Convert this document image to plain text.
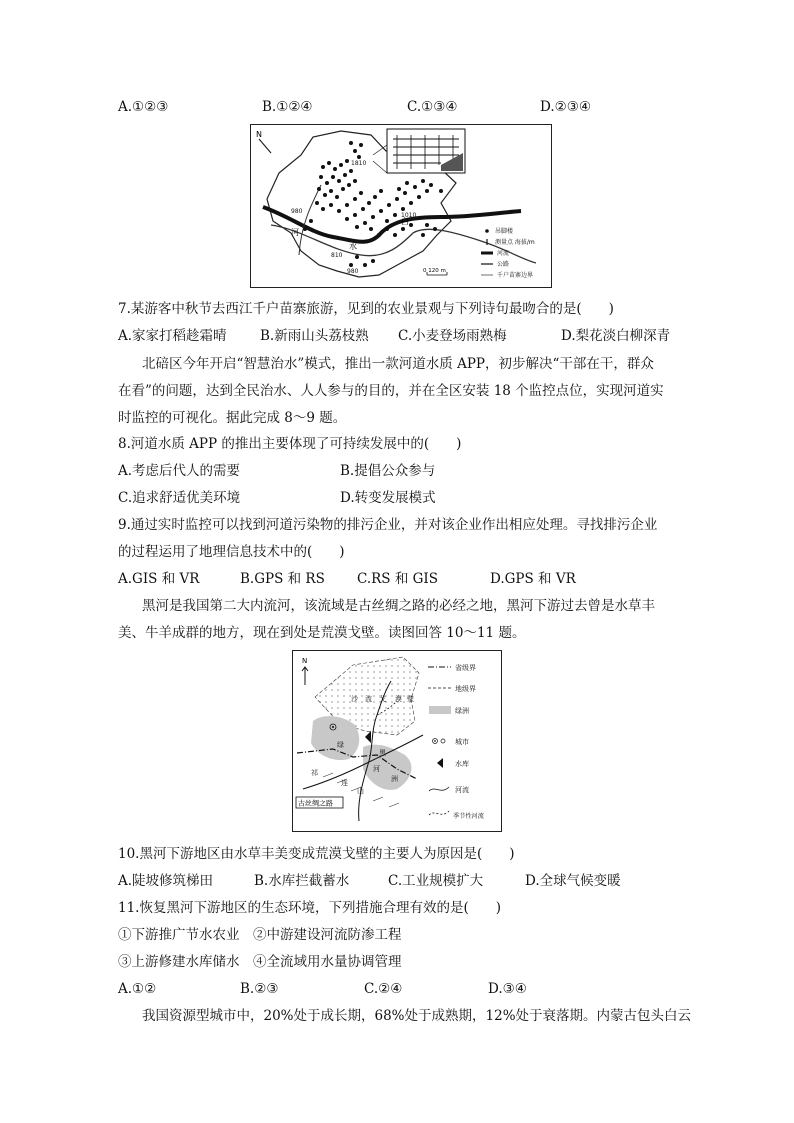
A.①②③	B.①②④	C.①③④	D.②③④
1810
1010
980
810
980
白
水
河
N
吊脚楼
测量点 海拔/m
河流
公路
千户苗寨边界
0 120 m
7.某游客中秋节去西江千户苗寨旅游，见到的农业景观与下列诗句最吻合的是(　　)
A.家家打稻趁霜晴 B.新雨山头荔枝熟 C.小麦登场雨熟梅	D.梨花淡白柳深青
北碚区今年开启“智慧治水”模式，推出一款河道水质 APP，初步解决“干部在干，群众
在看”的问题，达到全民治水、人人参与的目的，并在全区安装 18 个监控点位，实现河道实
时监控的可视化。据此完成 8～9 题。
8.河道水质 APP 的推出主要体现了可持续发展中的(　　)
A.考虑后代人的需要	B.提倡公众参与
C.追求舒适优美环境	D.转变发展模式
9.通过实时监控可以找到河道污染物的排污企业，并对该企业作出相应处理。寻找排污企业
的过程运用了地理信息技术中的(　　)
A.GIS 和 VR	B.GPS 和 RS C.RS 和 GIS	D.GPS 和 VR
黑河是我国第二大内流河，该流域是古丝绸之路的必经之地，黑河下游过去曾是水草丰
美、牛羊成群的地方，现在到处是荒漠戈壁。读图回答 10～11 题。
N
沙	漠
流 戈	壁
绿
黑
洲
祁
连
山
河
古丝绸之路
省级界
地级界
绿洲
城市
水库
河流
季节性河流
10.黑河下游地区由水草丰美变成荒漠戈壁的主要人为原因是(　　)
A.陡坡修筑梯田	B.水库拦截蓄水	C.工业规模扩大	D.全球气候变暖
11.恢复黑河下游地区的生态环境，下列措施合理有效的是(　　)
①下游推广节水农业　②中游建设河流防渗工程
③上游修建水库储水　④全流域用水量协调管理
A.①②	B.②③	C.②④	D.③④
我国资源型城市中，20%处于成长期，68%处于成熟期，12%处于衰落期。内蒙古包头白云
